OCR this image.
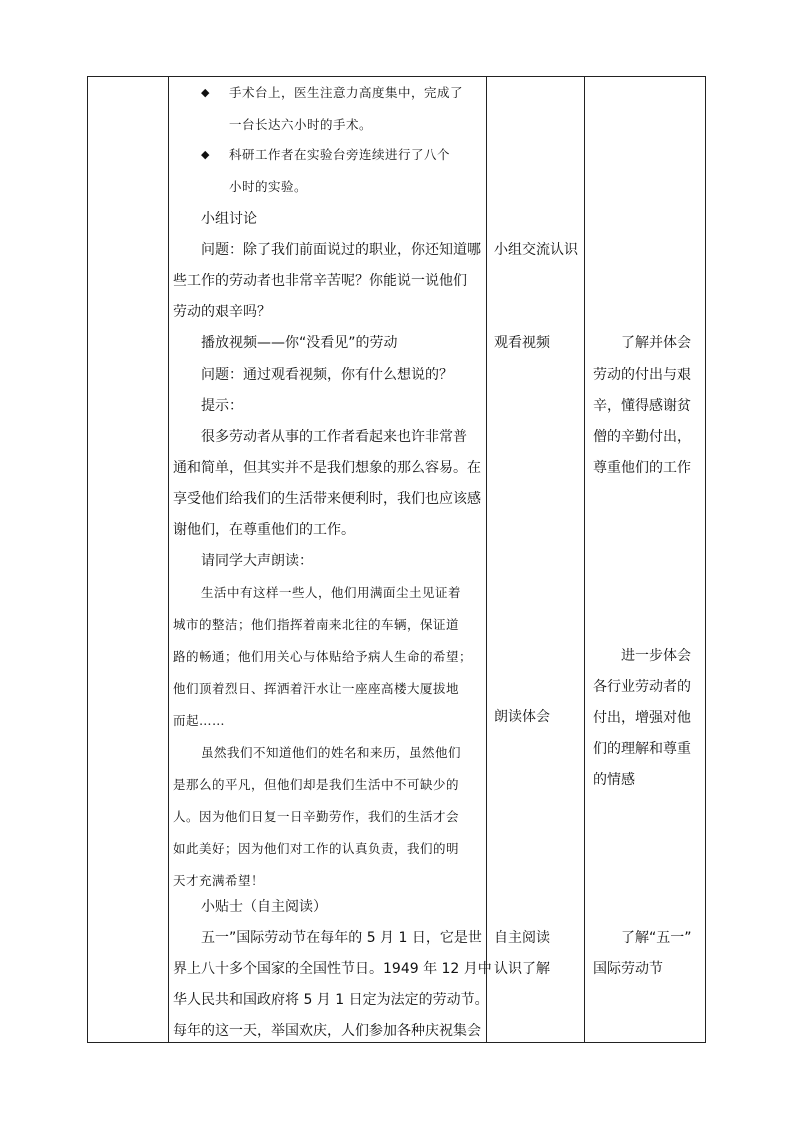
◆ 手术台上，医生注意力高度集中，完成了
一台长达六小时的手术。
◆ 科研工作者在实验台旁连续进行了八个
小时的实验。
小组讨论
问题：除了我们前面说过的职业，你还知道哪
些工作的劳动者也非常辛苦呢？你能说一说他们
劳动的艰辛吗？
播放视频——你“没看见”的劳动
问题：通过观看视频，你有什么想说的？
提示：
很多劳动者从事的工作者看起来也许非常普
通和简单，但其实并不是我们想象的那么容易。在
享受他们给我们的生活带来便利时，我们也应该感
谢他们，在尊重他们的工作。
请同学大声朗读：
生活中有这样一些人，他们用满面尘土见证着
城市的整洁；他们指挥着南来北往的车辆，保证道
路的畅通；他们用关心与体贴给予病人生命的希望；
他们顶着烈日、挥洒着汗水让一座座高楼大厦拔地
而起……
虽然我们不知道他们的姓名和来历，虽然他们
是那么的平凡，但他们却是我们生活中不可缺少的
人。因为他们日复一日辛勤劳作，我们的生活才会
如此美好；因为他们对工作的认真负责，我们的明
天才充满希望！
小贴士（自主阅读）
五一”国际劳动节在每年的 5 月 1 日，它是世
界上八十多个国家的全国性节日。1949 年 12 月中
华人民共和国政府将 5 月 1 日定为法定的劳动节。
每年的这一天，举国欢庆，人们参加各种庆祝集会
小组交流认识
观看视频
朗读体会
自主阅读
认识了解
了解并体会
劳动的付出与艰
辛，懂得感谢贫
僧的辛勤付出，
尊重他们的工作
进一步体会
各行业劳动者的
付出，增强对他
们的理解和尊重
的情感
了解“五一”
国际劳动节
